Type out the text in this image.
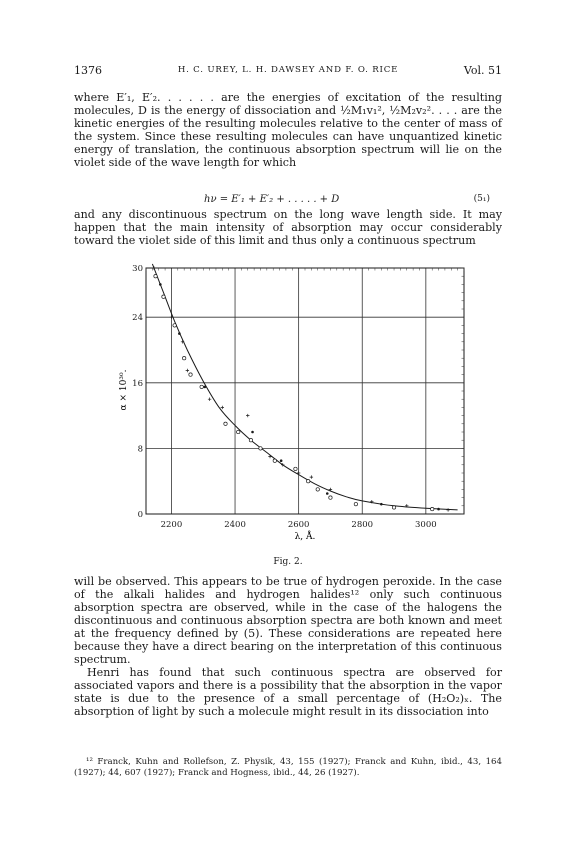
1376	H. C. UREY, L. H. DAWSEY AND F. O. RICE	Vol. 51

where E′₁, E′₂. . . . . . are the energies of excitation of the resulting molecules, D is the energy of dissociation and ½M₁v₁², ½M₂v₂². . . . are the kinetic energies of the resulting molecules relative to the center of mass of the system. Since these resulting molecules can have unquantized kinetic energy of translation, the continuous absorption spectrum will lie on the violet side of the wave length for which

hν = E′₁ + E′₂ + . . . . . + D	(5₁)

and any discontinuous spectrum on the long wave length side. It may happen that the main intensity of absorption may occur considerably toward the violet side of this limit and thus only a continuous spectrum

2200	2400	2600	2800	3000
0
8
16
24
30
λ, Å.
α × 10³⁰.
Fig. 2.

will be observed. This appears to be true of hydrogen peroxide. In the case of the alkali halides and hydrogen halides¹² only such continuous absorption spectra are observed, while in the case of the halogens the discontinuous and continuous absorption spectra are both known and meet at the frequency defined by (5). These considerations are repeated here because they have a direct bearing on the interpretation of this continuous spectrum.

Henri has found that such continuous spectra are observed for associated vapors and there is a possibility that the absorption in the vapor state is due to the presence of a small percentage of (H₂O₂)ₓ. The absorption of light by such a molecule might result in its dissociation into

¹² Franck, Kuhn and Rollefson, Z. Physik, 43, 155 (1927); Franck and Kuhn, ibid., 43, 164 (1927); 44, 607 (1927); Franck and Hogness, ibid., 44, 26 (1927).
